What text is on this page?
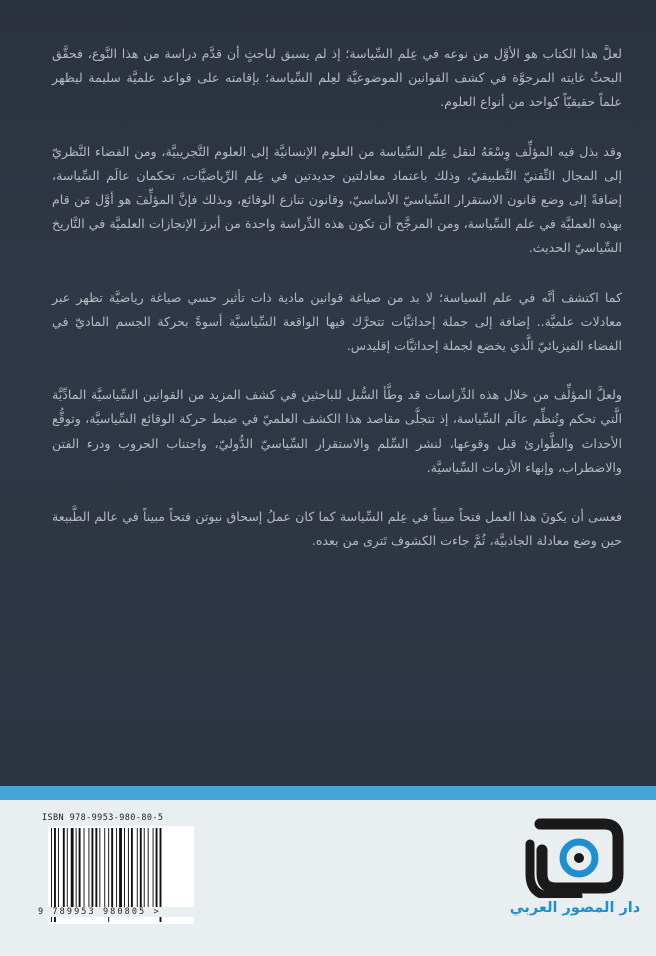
لعلَّ هذا الكتاب هو الأوَّل من نوعه في عِلم السِّياسة؛ إذ لم يسبق لباحثٍ أن قدَّم دراسة من هذا النَّوع، فحقَّق البحثُ غايته المرجوَّة في كشف القوانين الموضوعيَّة لعِلم السِّياسة؛ بإقامته على قواعد علميَّة سليمة ليظهر علماً حقيقيّاً كواحد من أنواع العلوم.

وقد بذل فيه المؤلِّف وِسْعَهُ لنقل عِلم السِّياسة من العلوم الإنسانيَّة إلى العلوم التَّجريبيَّة، ومن الفضاء النَّظريّ إلى المجال التِّقنيّ التَّطبيقيّ، وذلك باعتماد معادلتين جديدتين في عِلم الرِّياضيَّات، تحكمان عالَم السِّياسة، إضافةً إلى وضع قانون الاستقرار السِّياسيّ الأساسيّ، وقانون تنازع الوقائع، وبذلك فإنَّ المؤلِّفَ هو أوَّل مَن قام بهذه العمليَّة في علم السِّياسة، ومن المرجَّح أن تكون هذه الدِّراسة واحدة من أبرز الإنجازات العلميَّة في التَّاريخ السِّياسيّ الحديث.

كما اكتشف أنَّه في علم السياسة؛ لا بد من صياغة قوانين مادية ذات تأثير حسي صياغة رياضيَّة تظهر عبر معادلات علميَّة.. إضافة إلى جملة إحداثيَّات تتحرَّك فيها الواقعة السِّياسيَّة أسوةً بحركة الجسم الماديّ في الفضاء الفيزيائيّ الَّذي يخضع لجملة إحداثيَّات إقليدس.

ولعلَّ المؤلِّف من خلال هذه الدِّراسات قد وطَّأ السُّبل للباحثين في كشف المزيد من القوانين السِّياسيَّة المادِّيَّة الَّتي تحكم وتُنظِّم عالَم السِّياسة، إذ تتجلَّى مقاصد هذا الكشف العلميّ في ضبط حركة الوقائع السِّياسيَّة، وتوقُّع الأحداث والطَّوارئ قبل وقوعها، لنشر السِّلم والاستقرار السِّياسيّ الدُّوليّ، واجتناب الحروب ودرء الفتن والاضطراب، وإنهاء الأزمات السِّياسيَّة.

فعسى أن يكونَ هذا العمل فتحاً مبيناً في عِلم السِّياسة كما كان عملُ إسحاق نيوتن فتحاً مبيناً في عالم الطَّبيعة حين وضع معادلة الجاذبيَّة، ثُمَّ جاءت الكشوف تَترى من بعده.

ISBN 978-9953-980-80-5
9 789953 980805 >	دار المصور العربي
